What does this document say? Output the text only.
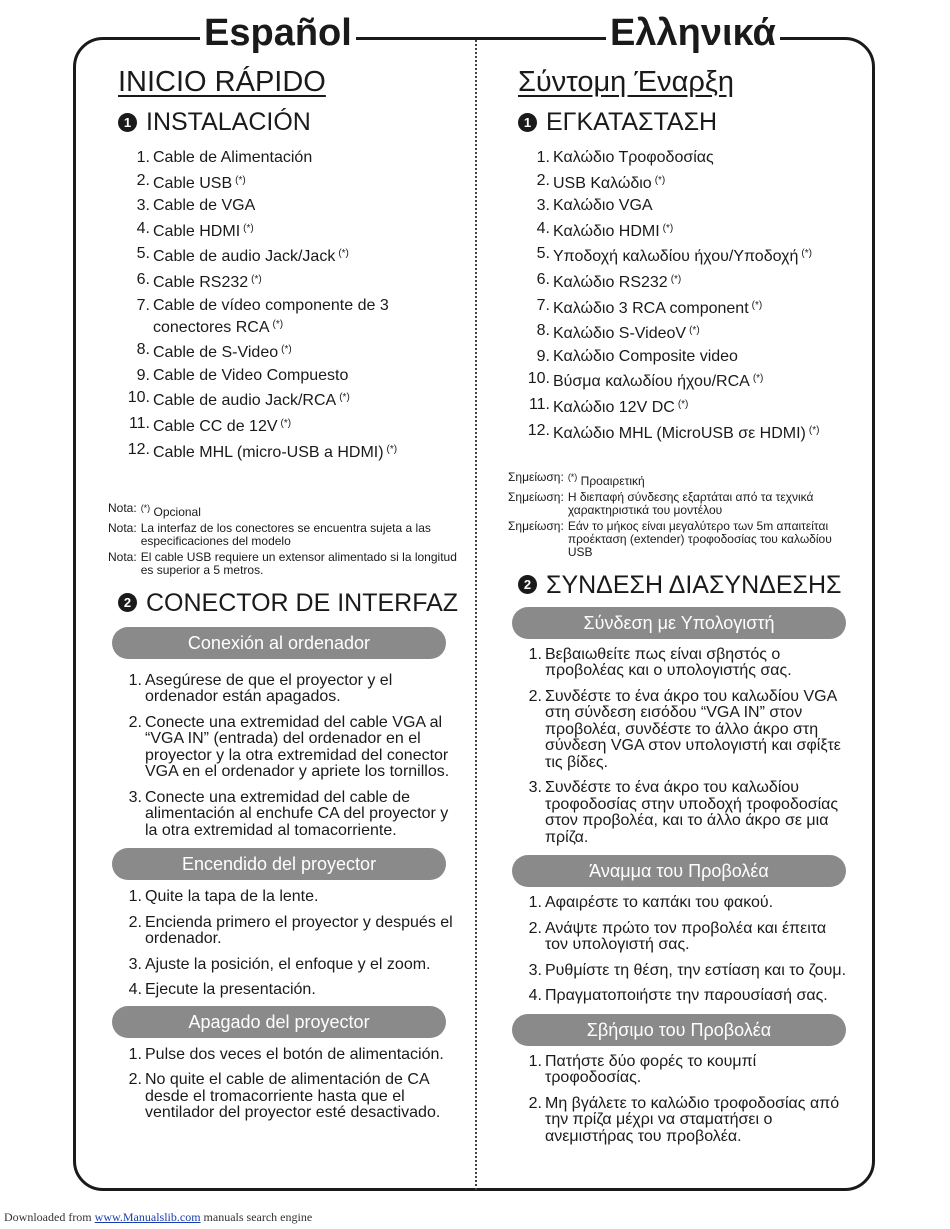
Español	Ελληνικά
INICIO RÁPIDO
1 INSTALACIÓN
1. Cable de Alimentación
2. Cable USB (*)
3. Cable de VGA
4. Cable HDMI (*)
5. Cable de audio Jack/Jack (*)
6. Cable RS232 (*)
7. Cable de vídeo componente de 3 conectores RCA (*)
8. Cable de S-Video (*)
9. Cable de Video Compuesto
10. Cable de audio Jack/RCA (*)
11. Cable CC de 12V (*)
12. Cable MHL (micro-USB a HDMI) (*)
Nota: (*) Opcional
Nota: La interfaz de los conectores se encuentra sujeta a las especificaciones del modelo
Nota: El cable USB requiere un extensor alimentado si la longitud es superior a 5 metros.
2 CONECTOR DE INTERFAZ
Conexión al ordenador
1. Asegúrese de que el proyector y el ordenador están apagados.
2. Conecte una extremidad del cable VGA al “VGA IN” (entrada) del ordenador en el proyector y la otra extremidad del conector VGA en el ordenador y apriete los tornillos.
3. Conecte una extremidad del cable de alimentación al enchufe CA del proyector y la otra extremidad al tomacorriente.
Encendido del proyector
1. Quite la tapa de la lente.
2. Encienda primero el proyector y después el ordenador.
3. Ajuste la posición, el enfoque y el zoom.
4. Ejecute la presentación.
Apagado del proyector
1. Pulse dos veces el botón de alimentación.
2. No quite el cable de alimentación de CA desde el tromacorriente hasta que el ventilador del proyector esté desactivado.
Σύντομη Έναρξη
1 ΕΓΚΑΤΑΣΤΑΣΗ
1. Καλώδιο Τροφοδοσίας
2. USB Καλώδιο (*)
3. Καλώδιο VGA
4. Καλώδιο HDMI (*)
5. Υποδοχή καλωδίου ήχου/Υποδοχή (*)
6. Καλώδιο RS232 (*)
7. Καλώδιο 3 RCA component (*)
8. Καλώδιο S-VideoV (*)
9. Καλώδιο Composite video
10. Βύσμα καλωδίου ήχου/RCA (*)
11. Καλώδιο 12V DC (*)
12. Καλώδιο MHL (MicroUSB σε HDMI) (*)
Σημείωση: (*) Προαιρετική
Σημείωση: Η διεπαφή σύνδεσης εξαρτάται από τα τεχνικά χαρακτηριστικά του μοντέλου
Σημείωση: Εάν το μήκος είναι μεγαλύτερο των 5m απαιτείται προέκταση (extender) τροφοδοσίας του καλωδίου USB
2 ΣΥΝΔΕΣΗ ΔΙΑΣΥΝΔΕΣΗΣ
Σύνδεση με Υπολογιστή
1. Βεβαιωθείτε πως είναι σβηστός ο προβολέας και ο υπολογιστής σας.
2. Συνδέστε το ένα άκρο του καλωδίου VGA στη σύνδεση εισόδου “VGA IN” στον προβολέα, συνδέστε το άλλο άκρο στη σύνδεση VGA στον υπολογιστή και σφίξτε τις βίδες.
3. Συνδέστε το ένα άκρο του καλωδίου τροφοδοσίας στην υποδοχή τροφοδοσίας στον προβολέα, και το άλλο άκρο σε μια πρίζα.
Άναμμα του Προβολέα
1. Αφαιρέστε το καπάκι του φακού.
2. Ανάψτε πρώτο τον προβολέα και έπειτα τον υπολογιστή σας.
3. Ρυθμίστε τη θέση, την εστίαση και το ζουμ.
4. Πραγματοποιήστε την παρουσίασή σας.
Σβήσιμο του Προβολέα
1. Πατήστε δύο φορές το κουμπί τροφοδοσίας.
2. Μη βγάλετε το καλώδιο τροφοδοσίας από την πρίζα μέχρι να σταματήσει ο ανεμιστήρας του προβολέα.
Downloaded from www.Manualslib.com manuals search engine
